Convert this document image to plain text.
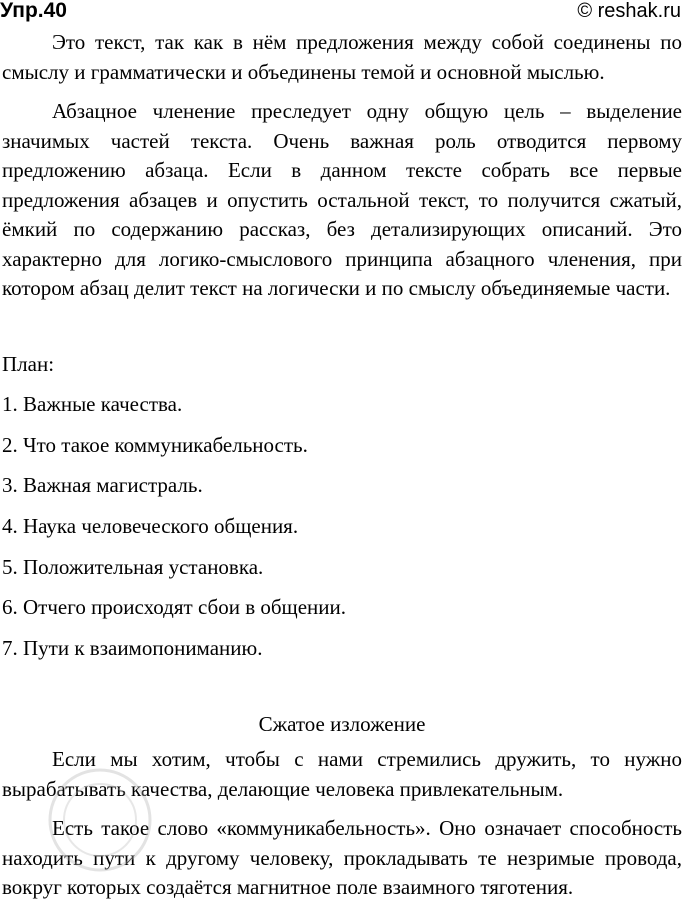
Упр.40	© reshak.ru

Это текст, так как в нём предложения между собой соединены по смыслу и грамматически и объединены темой и основной мыслью.

Абзацное членение преследует одну общую цель – выделение значимых частей текста. Очень важная роль отводится первому предложению абзаца. Если в данном тексте собрать все первые предложения абзацев и опустить остальной текст, то получится сжатый, ёмкий по содержанию рассказ, без детализирующих описаний. Это характерно для логико-смыслового принципа абзацного членения, при котором абзац делит текст на логически и по смыслу объединяемые части.

План:

1. Важные качества.
2. Что такое коммуникабельность.
3. Важная магистраль.
4. Наука человеческого общения.
5. Положительная установка.
6. Отчего происходят сбои в общении.
7. Пути к взаимопониманию.

Сжатое изложение

Если мы хотим, чтобы с нами стремились дружить, то нужно вырабатывать качества, делающие человека привлекательным.

Есть такое слово «коммуникабельность». Оно означает способность находить пути к другому человеку, прокладывать те незримые провода, вокруг которых создаётся магнитное поле взаимного тяготения.
